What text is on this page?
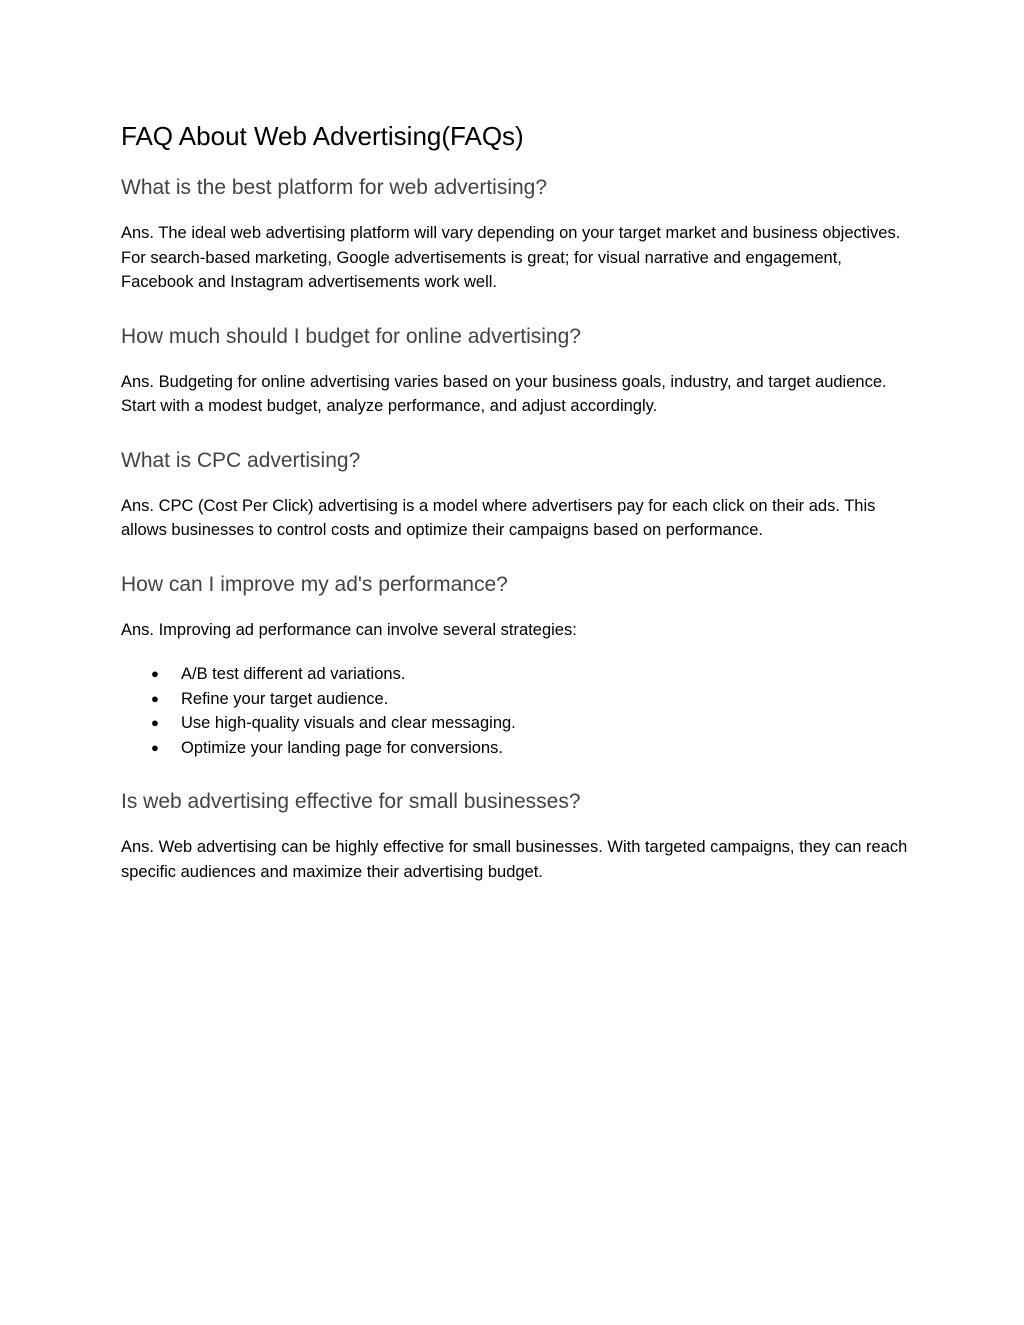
FAQ About Web Advertising(FAQs)
What is the best platform for web advertising?

Ans. The ideal web advertising platform will vary depending on your target market and business objectives. For search-based marketing, Google advertisements is great; for visual narrative and engagement, Facebook and Instagram advertisements work well.

How much should I budget for online advertising?

Ans. Budgeting for online advertising varies based on your business goals, industry, and target audience. Start with a modest budget, analyze performance, and adjust accordingly.

What is CPC advertising?

Ans. CPC (Cost Per Click) advertising is a model where advertisers pay for each click on their ads. This allows businesses to control costs and optimize their campaigns based on performance.

How can I improve my ad's performance?

Ans. Improving ad performance can involve several strategies:

● A/B test different ad variations.
● Refine your target audience.
● Use high-quality visuals and clear messaging.
● Optimize your landing page for conversions.
Is web advertising effective for small businesses?

Ans. Web advertising can be highly effective for small businesses. With targeted campaigns, they can reach specific audiences and maximize their advertising budget.
